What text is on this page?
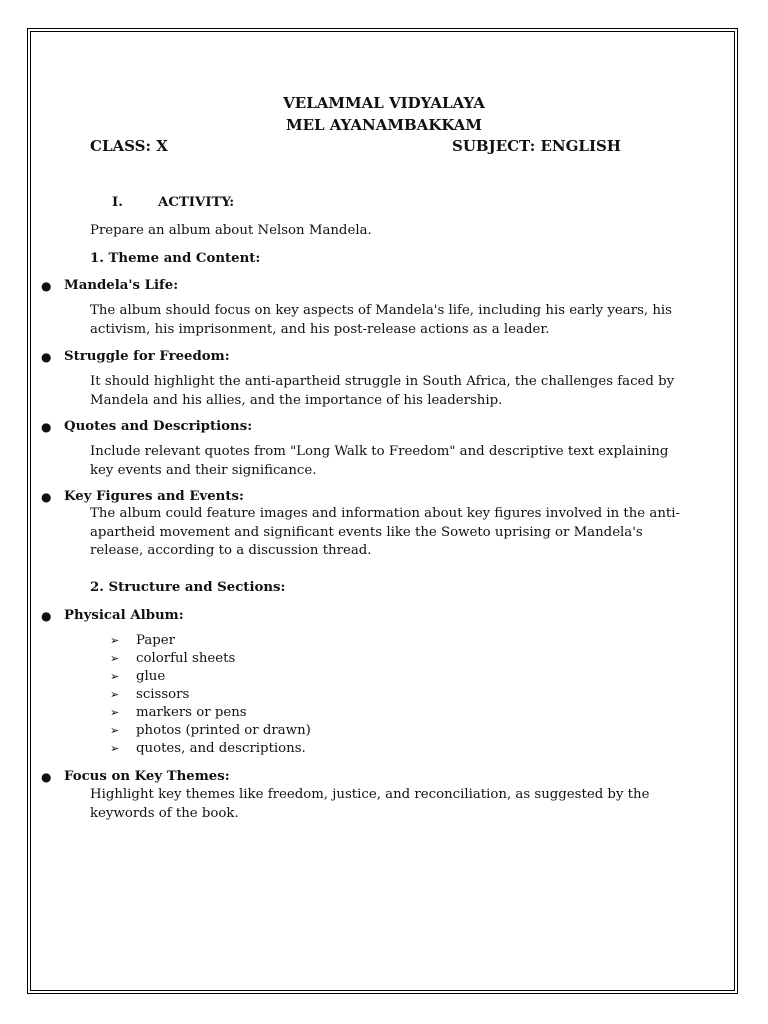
VELAMMAL VIDYALAYA
MEL AYANAMBAKKAM
CLASS: X	SUBJECT: ENGLISH
I.	ACTIVITY:
Prepare an album about Nelson Mandela.
1. Theme and Content:
● Mandela's Life:
The album should focus on key aspects of Mandela's life, including his early years, his activism, his imprisonment, and his post-release actions as a leader.
● Struggle for Freedom:
It should highlight the anti-apartheid struggle in South Africa, the challenges faced by Mandela and his allies, and the importance of his leadership.
● Quotes and Descriptions:
Include relevant quotes from "Long Walk to Freedom" and descriptive text explaining key events and their significance.
● Key Figures and Events:
The album could feature images and information about key figures involved in the anti-apartheid movement and significant events like the Soweto uprising or Mandela's release, according to a discussion thread.
2. Structure and Sections:
● Physical Album:
➢ Paper
➢ colorful sheets
➢ glue
➢ scissors
➢ markers or pens
➢ photos (printed or drawn)
➢ quotes, and descriptions.
● Focus on Key Themes:
Highlight key themes like freedom, justice, and reconciliation, as suggested by the keywords of the book.
